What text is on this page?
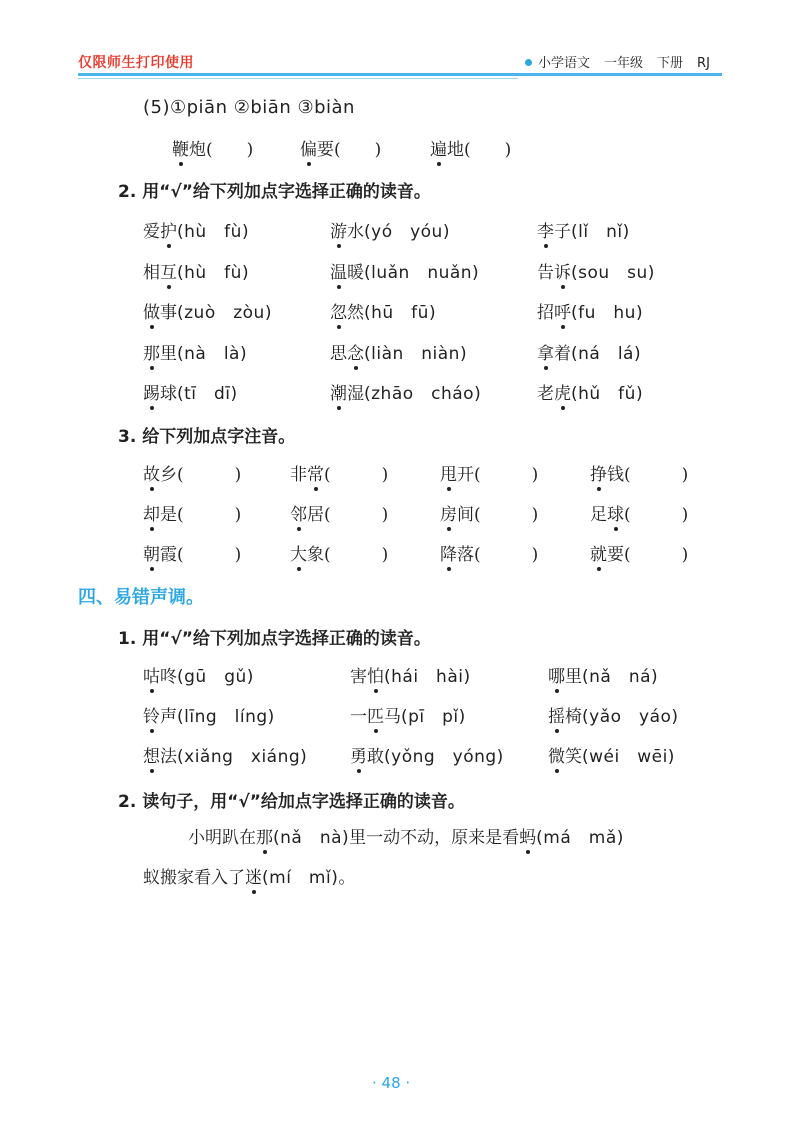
仅限师生打印使用	小学语文 一年级 下册 RJ
(5)①piān ②biān ③biàn
鞭炮(　　)	偏要(　　)	遍地(　　)
2. 用“√”给下列加点字选择正确的读音。
爱护(hù　fù)	游水(yó　yóu)	李子(lǐ　nǐ)
相互(hù　fù)	温暖(luǎn　nuǎn)	告诉(sou　su)
做事(zuò　zòu)	忽然(hū　fū)	招呼(fu　hu)
那里(nà　là)	思念(liàn　niàn)	拿着(ná　lá)
踢球(tī　dī)	潮湿(zhāo　cháo)	老虎(hǔ　fǔ)
3. 给下列加点字注音。
故乡(　　　)	非常(　　　)	甩开(　　　)	挣钱(　　　)
却是(　　　)	邻居(　　　)	房间(　　　)	足球(　　　)
朝霞(　　　)	大象(　　　)	降落(　　　)	就要(　　　)
四、易错声调。
1. 用“√”给下列加点字选择正确的读音。
咕咚(gū　gǔ)	害怕(hái　hài)	哪里(nǎ　ná)
铃声(līng　líng)	一匹马(pī　pǐ)	摇椅(yǎo　yáo)
想法(xiǎng　xiáng)	勇敢(yǒng　yóng)	微笑(wéi　wēi)
2. 读句子，用“√”给加点字选择正确的读音。
小明趴在那(nǎ　nà)里一动不动，原来是看蚂(má　mǎ)
蚁搬家看入了迷(mí　mǐ)。
· 48 ·
